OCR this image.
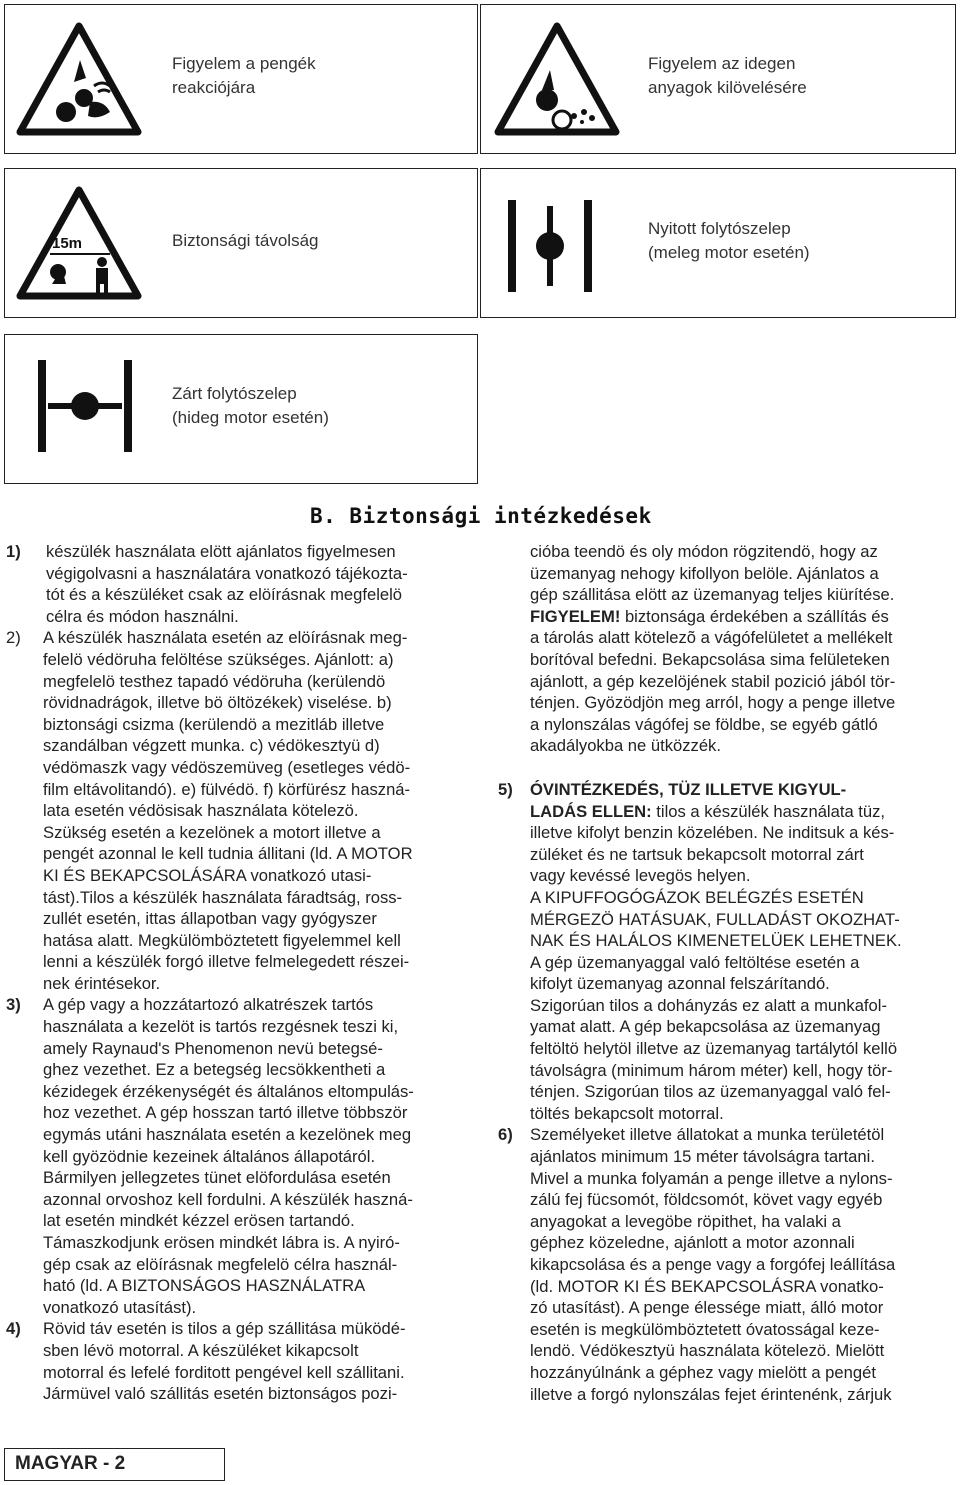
15m
Figyelem a pengék
reakciójára
Figyelem az idegen
anyagok kilövelésére
Biztonsági távolság
Nyitott folytószelep
(meleg motor esetén)
Zárt folytószelep
(hideg motor esetén)
B. Biztonsági intézkedések
1) készülék használata elött ajánlatos figyelmesen
végigolvasni a használatára vonatkozó tájékozta-
tót és a készüléket csak az elöírásnak megfelelö
célra és módon használni.
2) A készülék használata esetén az elöírásnak meg-
felelö védöruha felöltése szükséges. Ajánlott: a)
megfelelö testhez tapadó védöruha (kerülendö
rövidnadrágok, illetve bö öltözékek) viselése. b)
biztonsági csizma (kerülendö a mezitláb illetve
szandálban végzett munka. c) védökesztyü d)
védömaszk vagy védöszemüveg (esetleges védö-
film eltávolitandó). e) fülvédö. f) körfürész haszná-
lata esetén védösisak használata kötelezö.
Szükség esetén a kezelönek a motort illetve a
pengét azonnal le kell tudnia állitani (ld. A MOTOR
KI ÉS BEKAPCSOLÁSÁRA vonatkozó utasi-
tást).Tilos a készülék használata fáradtság, ross-
zullét esetén, ittas állapotban vagy gyógyszer
hatása alatt. Megkülömböztetett figyelemmel kell
lenni a készülék forgó illetve felmelegedett részei-
nek érintésekor.
3) A gép vagy a hozzátartozó alkatrészek tartós
használata a kezelöt is tartós rezgésnek teszi ki,
amely Raynaud's Phenomenon nevü betegsé-
ghez vezethet. Ez a betegség lecsökkentheti a
kézidegek érzékenységét és általános eltompulás-
hoz vezethet. A gép hosszan tartó illetve többször
egymás utáni használata esetén a kezelönek meg
kell gyözödnie kezeinek általános állapotáról.
Bármilyen jellegzetes tünet elöfordulása esetén
azonnal orvoshoz kell fordulni. A készülék haszná-
lat esetén mindkét kézzel erösen tartandó.
Támaszkodjunk erösen mindkét lábra is. A nyiró-
gép csak az elöírásnak megfelelö célra használ-
ható (ld. A BIZTONSÁGOS HASZNÁLATRA
vonatkozó utasítást).
4) Rövid táv esetén is tilos a gép szállitása müködé-
sben lévö motorral. A készüléket kikapcsolt
motorral és lefelé forditott pengével kell szállitani.
Jármüvel való szállitás esetén biztonságos pozi-
cióba teendö és oly módon rögzitendö, hogy az
üzemanyag nehogy kifollyon belöle. Ajánlatos a
gép szállitása elött az üzemanyag teljes kiürítése.
FIGYELEM! biztonsága érdekében a szállítás és
a tárolás alatt kötelezõ a vágófelületet a mellékelt
borítóval befedni. Bekapcsolása sima felületeken
ajánlott, a gép kezelöjének stabil pozició jából tör-
ténjen. Gyözödjön meg arról, hogy a penge illetve
a nylonszálas vágófej se földbe, se egyéb gátló
akadályokba ne ütközzék.
5) ÓVINTÉZKEDÉS, TÜZ ILLETVE KIGYUL-
LADÁS ELLEN: tilos a készülék használata tüz,
illetve kifolyt benzin közelében. Ne inditsuk a kés-
züléket és ne tartsuk bekapcsolt motorral zárt
vagy kevéssé levegös helyen.
A KIPUFFOGÓGÁZOK BELÉGZÉS ESETÉN
MÉRGEZÖ HATÁSUAK, FULLADÁST OKOZHAT-
NAK ÉS HALÁLOS KIMENETELÜEK LEHETNEK.
A gép üzemanyaggal való feltöltése esetén a
kifolyt üzemanyag azonnal felszárítandó.
Szigorúan tilos a dohányzás ez alatt a munkafol-
yamat alatt. A gép bekapcsolása az üzemanyag
feltöltö helytöl illetve az üzemanyag tartálytól kellö
távolságra (minimum három méter) kell, hogy tör-
ténjen. Szigorúan tilos az üzemanyaggal való fel-
töltés bekapcsolt motorral.
6) Személyeket illetve állatokat a munka területétöl
ajánlatos minimum 15 méter távolságra tartani.
Mivel a munka folyamán a penge illetve a nylons-
zálú fej fücsomót, földcsomót, követ vagy egyéb
anyagokat a levegöbe röpithet, ha valaki a
géphez közeledne, ajánlott a motor azonnali
kikapcsolása és a penge vagy a forgófej leállítása
(ld. MOTOR KI ÉS BEKAPCSOLÁSRA vonatko-
zó utasítást). A penge élessége miatt, álló motor
esetén is megkülömböztetett óvatosságal keze-
lendö. Védökesztyü használata kötelezö. Mielött
hozzányúlnánk a géphez vagy mielött a pengét
illetve a forgó nylonszálas fejet érintenénk, zárjuk
MAGYAR - 2
